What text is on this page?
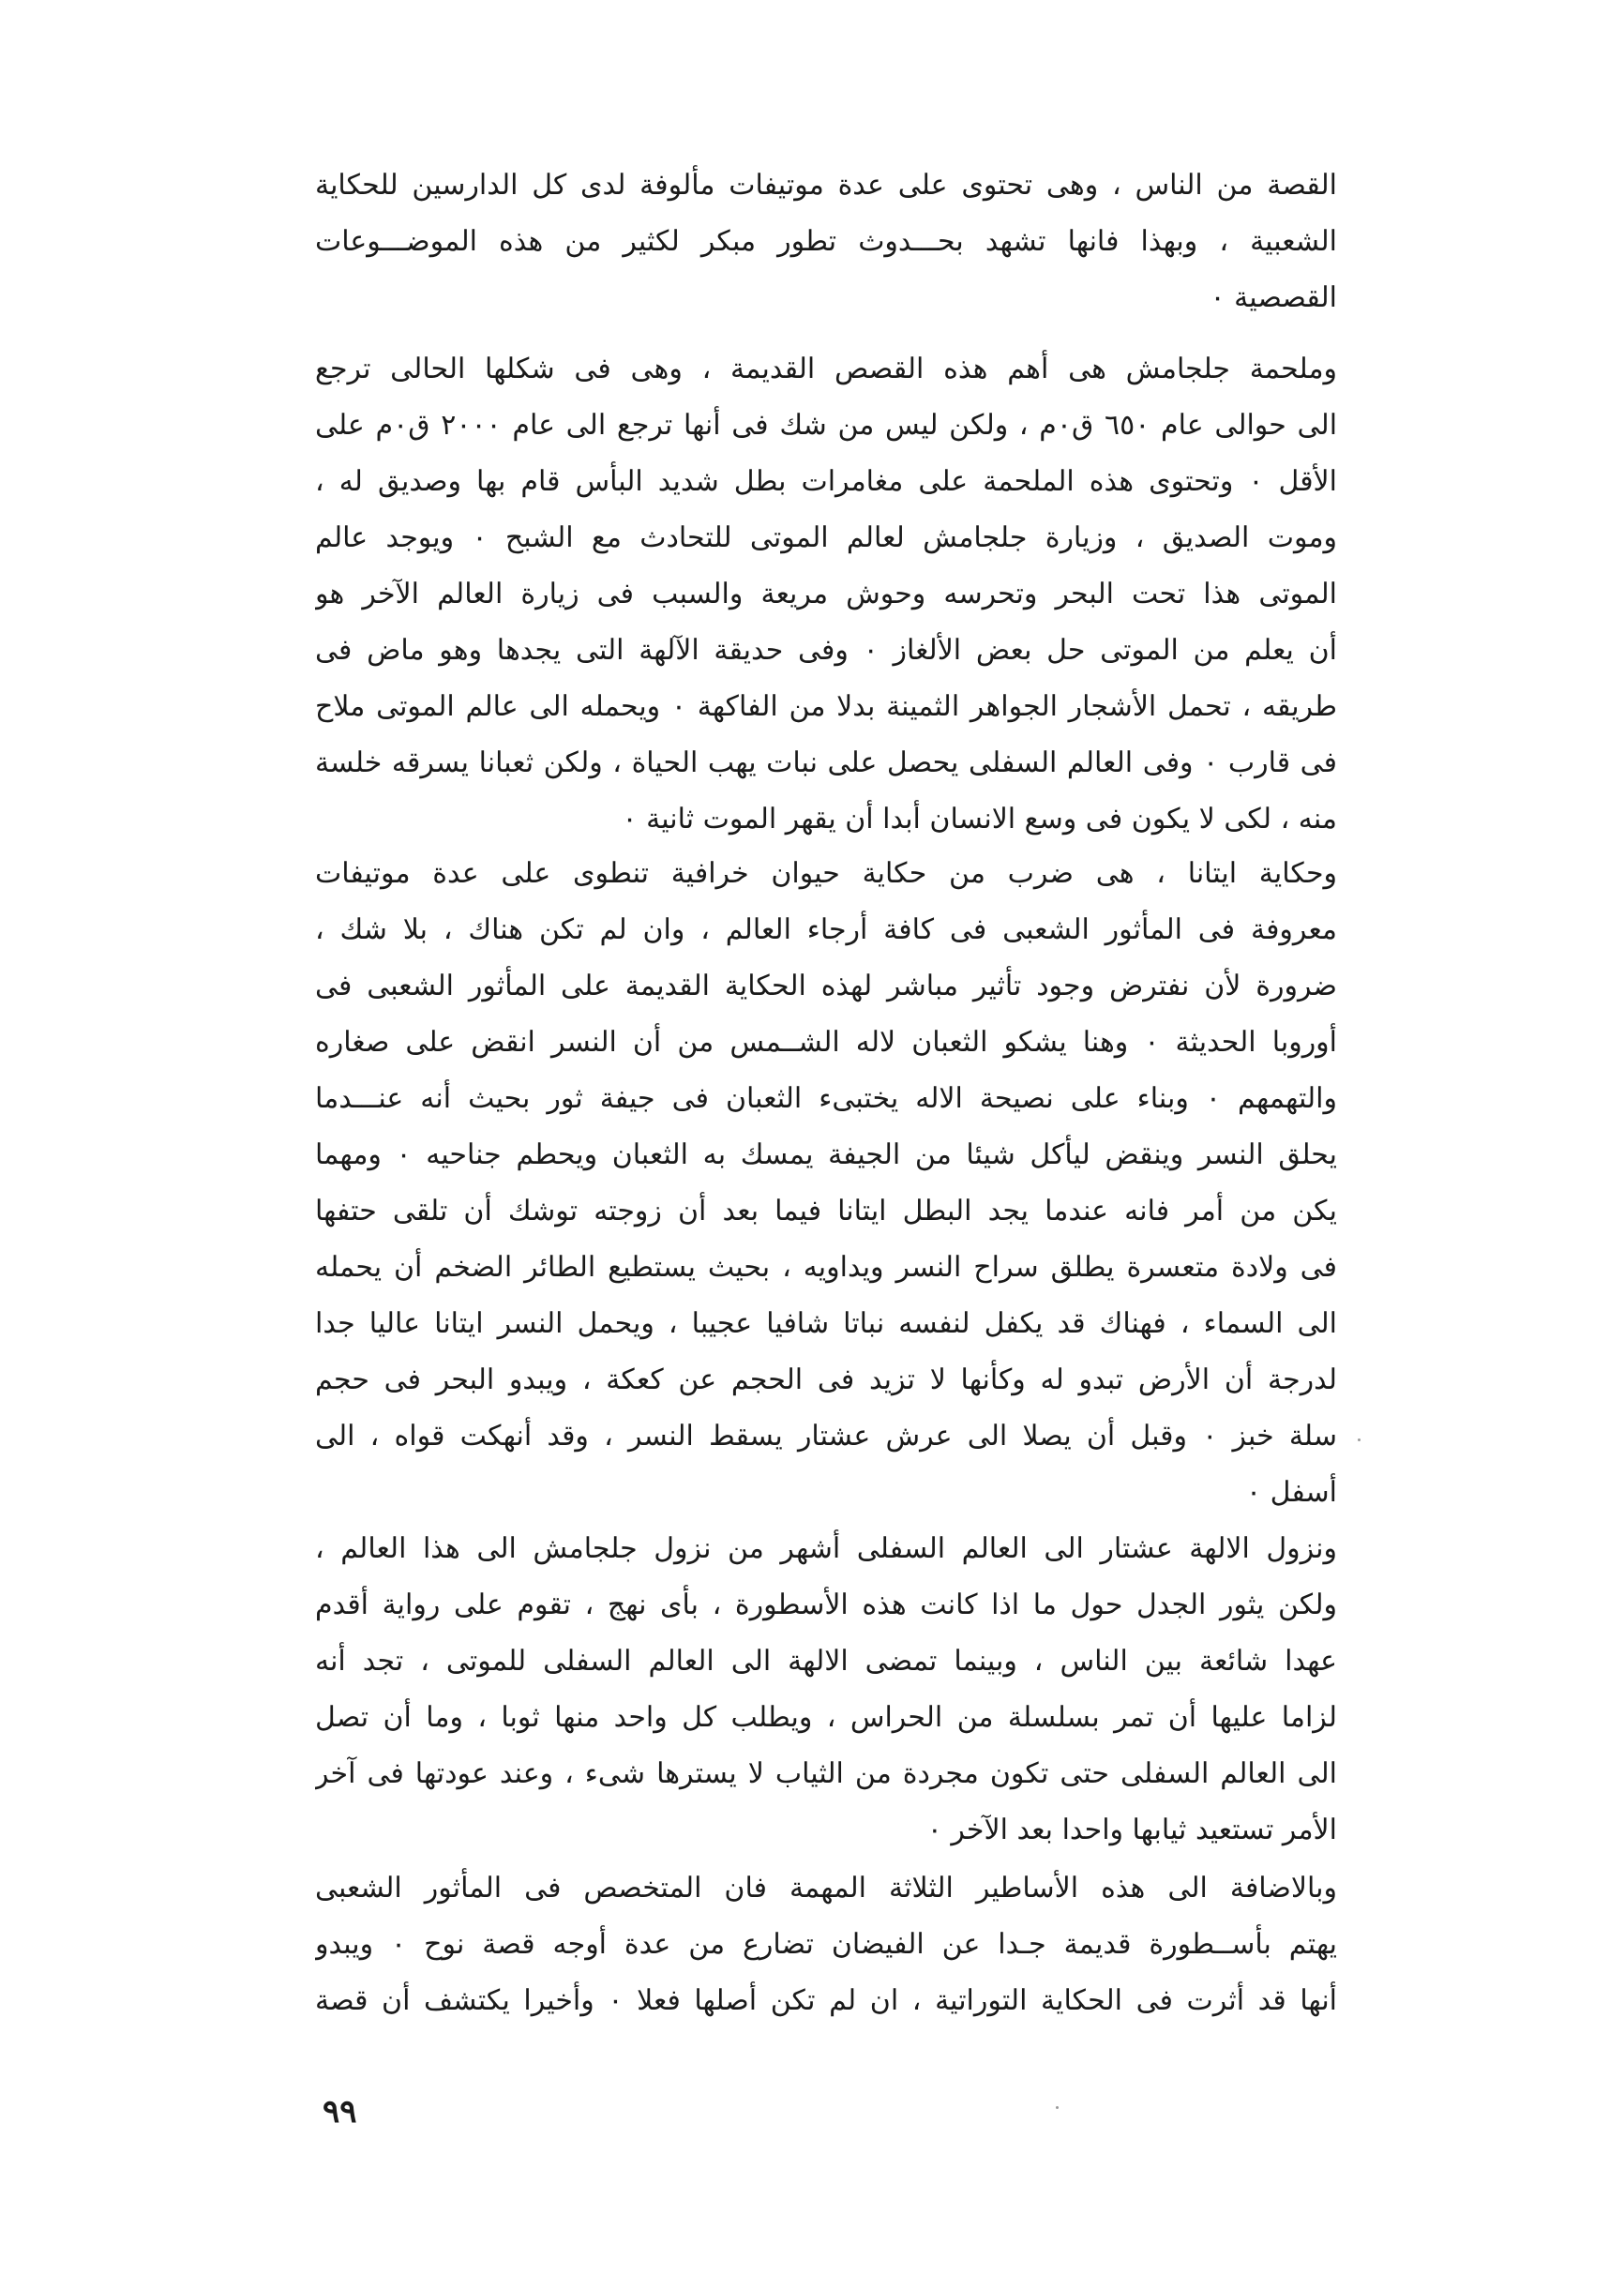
القصة من الناس ، وهى تحتوى على عدة موتيفات مألوفة لدى كل الدارسين للحكاية
الشعبية ، وبهذا فانها تشهد بحـــدوث تطور مبكر لكثير من هذه الموضـــوعات
القصصية ٠
وملحمة جلجامش هى أهم هذه القصص القديمة ، وهى فى شكلها الحالى ترجع
الى حوالى عام ٦٥٠ ق٠م ، ولكن ليس من شك فى أنها ترجع الى عام ٢٠٠٠ ق٠م على
الأقل ٠ وتحتوى هذه الملحمة على مغامرات بطل شديد البأس قام بها وصديق له ،
وموت الصديق ، وزيارة جلجامش لعالم الموتى للتحادث مع الشبح ٠ ويوجد عالم
الموتى هذا تحت البحر وتحرسه وحوش مريعة والسبب فى زيارة العالم الآخر هو
أن يعلم من الموتى حل بعض الألغاز ٠ وفى حديقة الآلهة التى يجدها وهو ماض فى
طريقه ، تحمل الأشجار الجواهر الثمينة بدلا من الفاكهة ٠ ويحمله الى عالم الموتى ملاح
فى قارب ٠ وفى العالم السفلى يحصل على نبات يهب الحياة ، ولكن ثعبانا يسرقه خلسة
منه ، لكى لا يكون فى وسع الانسان أبدا أن يقهر الموت ثانية ٠
وحكاية ايتانا ، هى ضرب من حكاية حيوان خرافية تنطوى على عدة موتيفات
معروفة فى المأثور الشعبى فى كافة أرجاء العالم ، وان لم تكن هناك ، بلا شك ،
ضرورة لأن نفترض وجود تأثير مباشر لهذه الحكاية القديمة على المأثور الشعبى فى
أوروبا الحديثة ٠ وهنا يشكو الثعبان لاله الشــمس من أن النسر انقض على صغاره
والتهمهم ٠ وبناء على نصيحة الاله يختبىء الثعبان فى جيفة ثور بحيث أنه عنـــدما
يحلق النسر وينقض ليأكل شيئا من الجيفة يمسك به الثعبان ويحطم جناحيه ٠ ومهما
يكن من أمر فانه عندما يجد البطل ايتانا فيما بعد أن زوجته توشك أن تلقى حتفها
فى ولادة متعسرة يطلق سراح النسر ويداويه ، بحيث يستطيع الطائر الضخم أن يحمله
الى السماء ، فهناك قد يكفل لنفسه نباتا شافيا عجيبا ، ويحمل النسر ايتانا عاليا جدا
لدرجة أن الأرض تبدو له وكأنها لا تزيد فى الحجم عن كعكة ، ويبدو البحر فى حجم
سلة خبز ٠ وقبل أن يصلا الى عرش عشتار يسقط النسر ، وقد أنهكت قواه ، الى
أسفل ٠
ونزول الالهة عشتار الى العالم السفلى أشهر من نزول جلجامش الى هذا العالم ،
ولكن يثور الجدل حول ما اذا كانت هذه الأسطورة ، بأى نهج ، تقوم على رواية أقدم
عهدا شائعة بين الناس ، وبينما تمضى الالهة الى العالم السفلى للموتى ، تجد أنه
لزاما عليها أن تمر بسلسلة من الحراس ، ويطلب كل واحد منها ثوبا ، وما أن تصل
الى العالم السفلى حتى تكون مجردة من الثياب لا يسترها شىء ، وعند عودتها فى آخر
الأمر تستعيد ثيابها واحدا بعد الآخر ٠
وبالاضافة الى هذه الأساطير الثلاثة المهمة فان المتخصص فى المأثور الشعبى
يهتم بأســطورة قديمة جـدا عن الفيضان تضارع من عدة أوجه قصة نوح ٠ ويبدو
أنها قد أثرت فى الحكاية التوراتية ، ان لم تكن أصلها فعلا ٠ وأخيرا يكتشف أن قصة
٩٩
